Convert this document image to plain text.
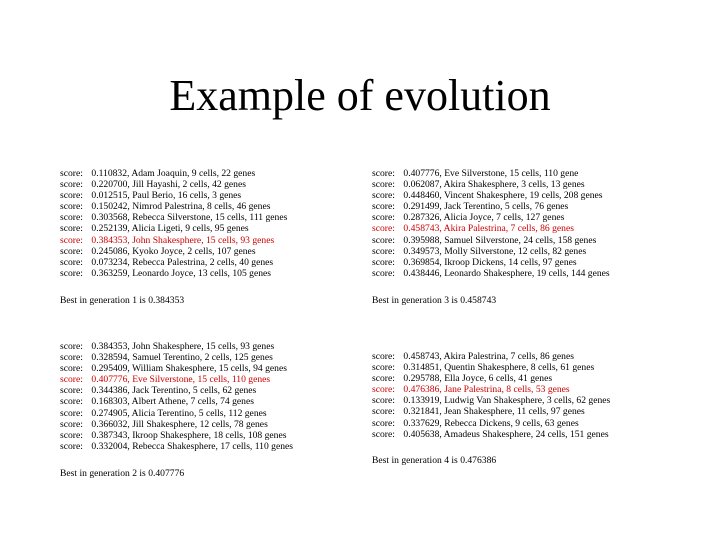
Example of evolution
score: 0.110832, Adam Joaquin, 9 cells, 22 genes
score: 0.220700, Jill Hayashi, 2 cells, 42 genes
score: 0.012515, Paul Berio, 16 cells, 3 genes
score: 0.150242, Nimrod Palestrina, 8 cells, 46 genes
score: 0.303568, Rebecca Silverstone, 15 cells, 111 genes
score: 0.252139, Alicia Ligeti, 9 cells, 95 genes
score: 0.384353, John Shakesphere, 15 cells, 93 genes
score: 0.245086, Kyoko Joyce, 2 cells, 107 genes
score: 0.073234, Rebecca Palestrina, 2 cells, 40 genes
score: 0.363259, Leonardo Joyce, 13 cells, 105 genes
Best in generation 1 is 0.384353
score: 0.384353, John Shakesphere, 15 cells, 93 genes
score: 0.328594, Samuel Terentino, 2 cells, 125 genes
score: 0.295409, William Shakesphere, 15 cells, 94 genes
score: 0.407776, Eve Silverstone, 15 cells, 110 genes
score: 0.344386, Jack Terentino, 5 cells, 62 genes
score: 0.168303, Albert Athene, 7 cells, 74 genes
score: 0.274905, Alicia Terentino, 5 cells, 112 genes
score: 0.366032, Jill Shakesphere, 12 cells, 78 genes
score: 0.387343, Ikroop Shakesphere, 18 cells, 108 genes
score: 0.332004, Rebecca Shakesphere, 17 cells, 110 genes
Best in generation 2 is 0.407776
score: 0.407776, Eve Silverstone, 15 cells, 110 gene
score: 0.062087, Akira Shakesphere, 3 cells, 13 genes
score: 0.448460, Vincent Shakesphere, 19 cells, 208 genes
score: 0.291499, Jack Terentino, 5 cells, 76 genes
score: 0.287326, Alicia Joyce, 7 cells, 127 genes
score: 0.458743, Akira Palestrina, 7 cells, 86 genes
score: 0.395988, Samuel Silverstone, 24 cells, 158 genes
score: 0.349573, Molly Silverstone, 12 cells, 82 genes
score: 0.369854, Ikroop Dickens, 14 cells, 97 genes
score: 0.438446, Leonardo Shakesphere, 19 cells, 144 genes
Best in generation 3 is 0.458743
score: 0.458743, Akira Palestrina, 7 cells, 86 genes
score: 0.314851, Quentin Shakesphere, 8 cells, 61 genes
score: 0.295788, Ella Joyce, 6 cells, 41 genes
score: 0.476386, Jane Palestrina, 8 cells, 53 genes
score: 0.133919, Ludwig Van Shakesphere, 3 cells, 62 genes
score: 0.321841, Jean Shakesphere, 11 cells, 97 genes
score: 0.337629, Rebecca Dickens, 9 cells, 63 genes
score: 0.405638, Amadeus Shakesphere, 24 cells, 151 genes
Best in generation 4 is 0.476386
